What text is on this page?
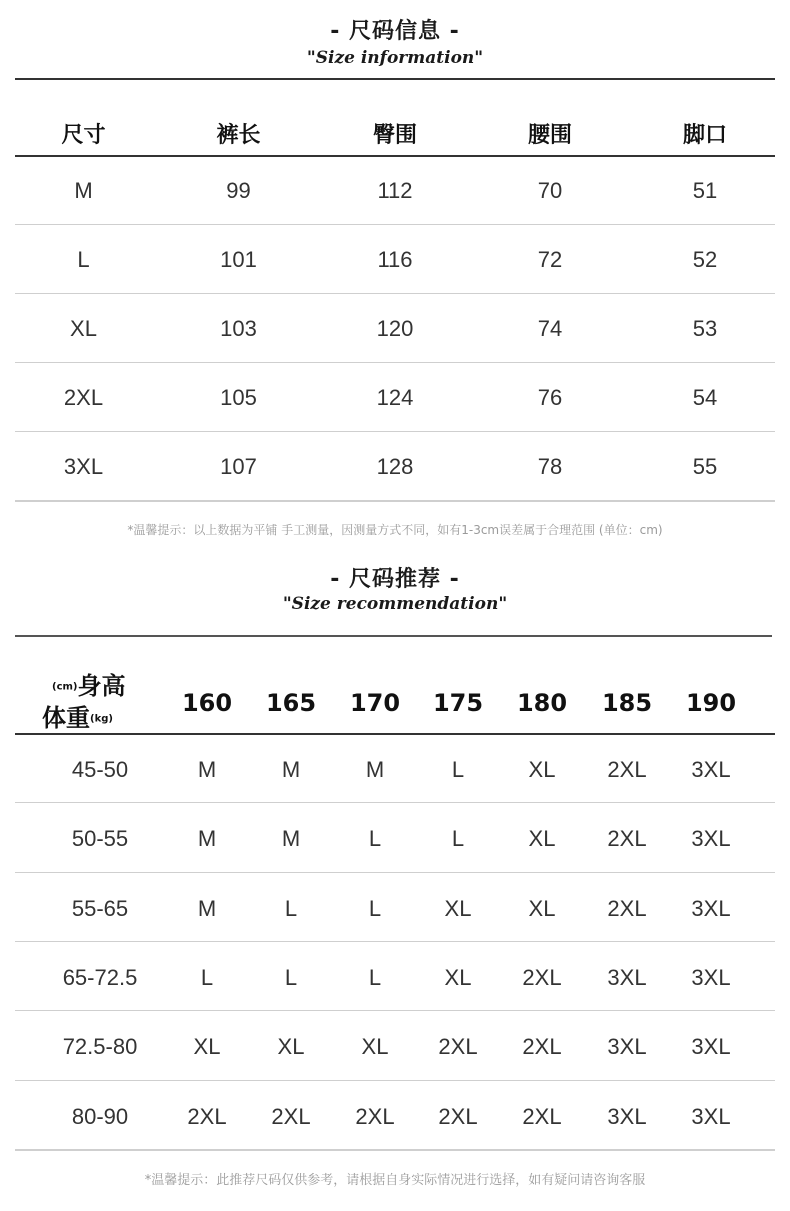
- 尺码信息 -
"Size information"
尺寸	裤长	臀围	腰围	脚口
M	99	112	70	51
L	101	116	72	52
XL	103	120	74	53
2XL	105	124	76	54
3XL	107	128	78	55
*温馨提示：以上数据为平铺 手工测量，因测量方式不同，如有1-3cm误差属于合理范围 (单位：cm)
- 尺码推荐 -
"Size recommendation"
(cm)身高
体重(kg)
160	165	170	175	180	185	190
45-50	M	M	M	L	XL	2XL	3XL
50-55	M	M	L	L	XL	2XL	3XL
55-65	M	L	L	XL	XL	2XL	3XL
65-72.5	L	L	L	XL	2XL	3XL	3XL
72.5-80	XL	XL	XL	2XL	2XL	3XL	3XL
80-90	2XL	2XL	2XL	2XL	2XL	3XL	3XL
*温馨提示：此推荐尺码仅供参考，请根据自身实际情况进行选择，如有疑问请咨询客服
